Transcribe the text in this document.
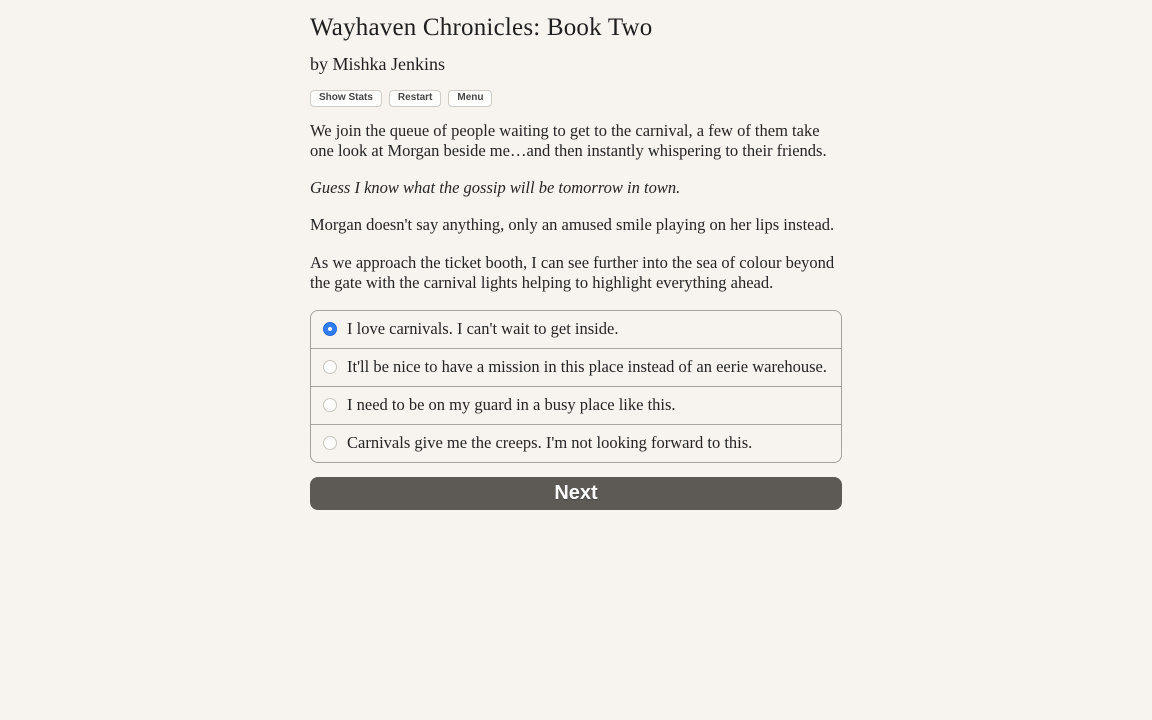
Wayhaven Chronicles: Book Two
by Mishka Jenkins
Show Stats	Restart	Menu

We join the queue of people waiting to get to the carnival, a few of them take one look at Morgan beside me…and then instantly whispering to their friends.

Guess I know what the gossip will be tomorrow in town.

Morgan doesn't say anything, only an amused smile playing on her lips instead.

As we approach the ticket booth, I can see further into the sea of colour beyond the gate with the carnival lights helping to highlight everything ahead.

I love carnivals. I can't wait to get inside.
It'll be nice to have a mission in this place instead of an eerie warehouse.
I need to be on my guard in a busy place like this.
Carnivals give me the creeps. I'm not looking forward to this.
Next
